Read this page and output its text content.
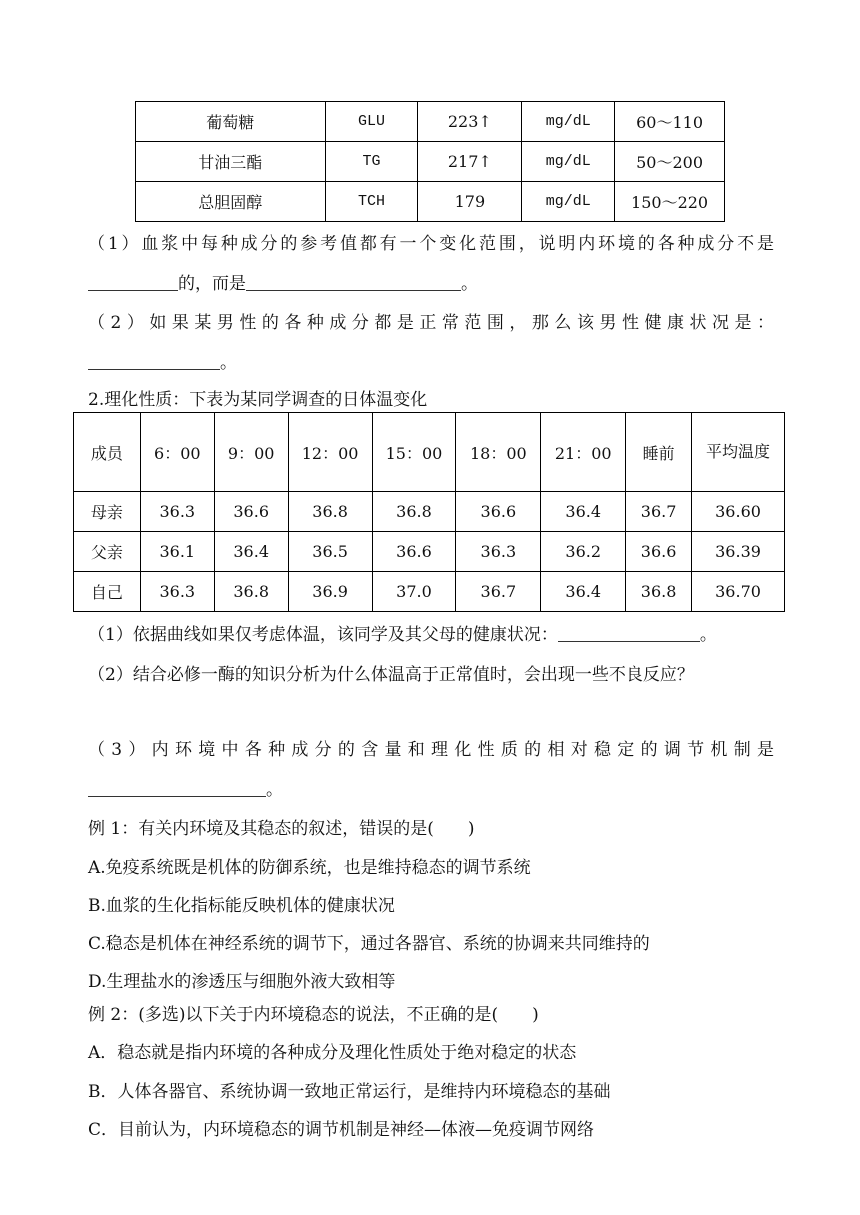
葡萄糖	GLU	223↑	mg/dL	60～110
甘油三酯	TG	217↑	mg/dL	50～200
总胆固醇	TCH	179	mg/dL	150～220
（1）血浆中每种成分的参考值都有一个变化范围，说明内环境的各种成分不是
的，而是	。
（2）如果某男性的各种成分都是正常范围，那么该男性健康状况是：
。
2.理化性质：下表为某同学调查的日体温变化
成员	6：00	9：00	12：00	15：00	18：00	21：00	睡前	平均温度
母亲	36.3	36.6	36.8	36.8	36.6	36.4	36.7	36.60
父亲	36.1	36.4	36.5	36.6	36.3	36.2	36.6	36.39
自己	36.3	36.8	36.9	37.0	36.7	36.4	36.8	36.70
（1）依据曲线如果仅考虑体温，该同学及其父母的健康状况：	。
（2）结合必修一酶的知识分析为什么体温高于正常值时，会出现一些不良反应？
（3）内环境中各种成分的含量和理化性质的相对稳定的调节机制是
。
例 1：有关内环境及其稳态的叙述，错误的是(　　)
A.免疫系统既是机体的防御系统，也是维持稳态的调节系统
B.血浆的生化指标能反映机体的健康状况
C.稳态是机体在神经系统的调节下，通过各器官、系统的协调来共同维持的
D.生理盐水的渗透压与细胞外液大致相等
例 2：(多选)以下关于内环境稳态的说法，不正确的是(　　)
A．稳态就是指内环境的各种成分及理化性质处于绝对稳定的状态
B．人体各器官、系统协调一致地正常运行，是维持内环境稳态的基础
C．目前认为，内环境稳态的调节机制是神经—体液—免疫调节网络
